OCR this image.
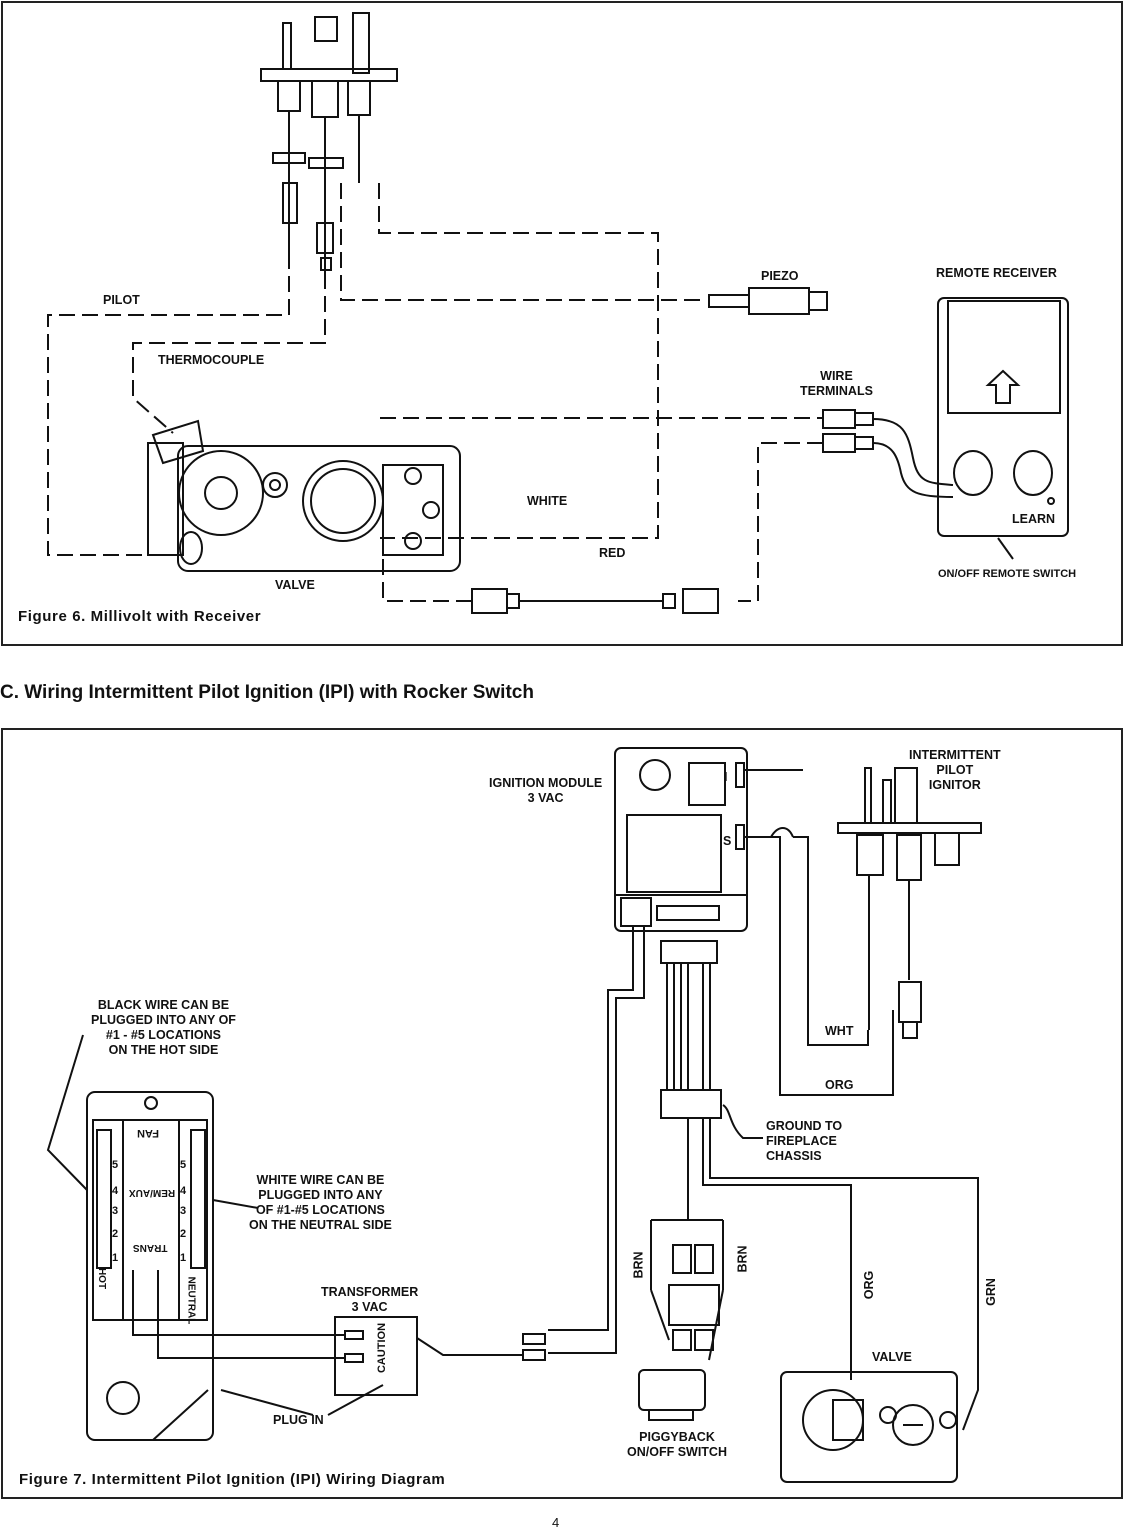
PILOT
THERMOCOUPLE
PIEZO	REMOTE RECEIVER
WIRE
TERMINALS
WHITE
RED
VALVE
LEARN
ON/OFF REMOTE SWITCH
Figure 6. Millivolt with Receiver
C. Wiring Intermittent Pilot Ignition (IPI) with Rocker Switch
IGNITION MODULE
3 VAC
INTERMITTENT
PILOT
IGNITOR
I
S
BLACK WIRE CAN BE
PLUGGED INTO ANY OF
#1 - #5 LOCATIONS
ON THE HOT SIDE
WHITE WIRE CAN BE
PLUGGED INTO ANY
OF #1-#5 LOCATIONS
ON THE NEUTRAL SIDE
WHT
ORG
GROUND TO
FIREPLACE
CHASSIS
BRN	BRN
ORG	GRN
VALVE
TRANSFORMER
3 VAC
PLUG IN
PIGGYBACK
ON/OFF SWITCH
CAUTION
FAN
REM/AUX
TRANS
HOT	NEUTRAL
5
4
3
2
1
5
4
3
2
1
Figure 7. Intermittent Pilot Ignition (IPI) Wiring Diagram
4
